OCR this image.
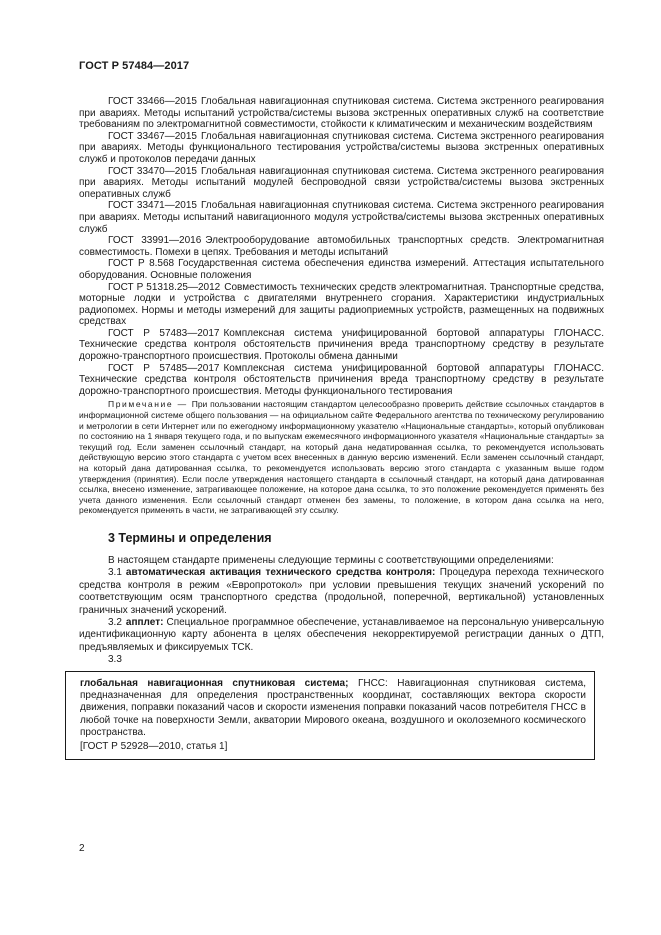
ГОСТ Р 57484—2017

ГОСТ 33466—2015 Глобальная навигационная спутниковая система. Система экстренного реагирования при авариях. Методы испытаний устройства/системы вызова экстренных оперативных служб на соответствие требованиям по электромагнитной совместимости, стойкости к климатическим и механическим воздействиям

ГОСТ 33467—2015 Глобальная навигационная спутниковая система. Система экстренного реагирования при авариях. Методы функционального тестирования устройства/системы вызова экстренных оперативных служб и протоколов передачи данных

ГОСТ 33470—2015 Глобальная навигационная спутниковая система. Система экстренного реагирования при авариях. Методы испытаний модулей беспроводной связи устройства/системы вызова экстренных оперативных служб

ГОСТ 33471—2015 Глобальная навигационная спутниковая система. Система экстренного реагирования при авариях. Методы испытаний навигационного модуля устройства/системы вызова экстренных оперативных служб

ГОСТ 33991—2016 Электрооборудование автомобильных транспортных средств. Электромагнитная совместимость. Помехи в цепях. Требования и методы испытаний

ГОСТ Р 8.568 Государственная система обеспечения единства измерений. Аттестация испытательного оборудования. Основные положения

ГОСТ Р 51318.25—2012 Совместимость технических средств электромагнитная. Транспортные средства, моторные лодки и устройства с двигателями внутреннего сгорания. Характеристики индустриальных радиопомех. Нормы и методы измерений для защиты радиоприемных устройств, размещенных на подвижных средствах

ГОСТ Р 57483—2017 Комплексная система унифицированной бортовой аппаратуры ГЛОНАСС. Технические средства контроля обстоятельств причинения вреда транспортному средству в результате дорожно-транспортного происшествия. Протоколы обмена данными

ГОСТ Р 57485—2017 Комплексная система унифицированной бортовой аппаратуры ГЛОНАСС. Технические средства контроля обстоятельств причинения вреда транспортному средству в результате дорожно-транспортного происшествия. Методы функционального тестирования

Примечание — При пользовании настоящим стандартом целесообразно проверить действие ссылочных стандартов в информационной системе общего пользования — на официальном сайте Федерального агентства по техническому регулированию и метрологии в сети Интернет или по ежегодному информационному указателю «Национальные стандарты», который опубликован по состоянию на 1 января текущего года, и по выпускам ежемесячного информационного указателя «Национальные стандарты» за текущий год. Если заменен ссылочный стандарт, на который дана недатированная ссылка, то рекомендуется использовать действующую версию этого стандарта с учетом всех внесенных в данную версию изменений. Если заменен ссылочный стандарт, на который дана датированная ссылка, то рекомендуется использовать версию этого стандарта с указанным выше годом утверждения (принятия). Если после утверждения настоящего стандарта в ссылочный стандарт, на который дана датированная ссылка, внесено изменение, затрагивающее положение, на которое дана ссылка, то это положение рекомендуется применять без учета данного изменения. Если ссылочный стандарт отменен без замены, то положение, в котором дана ссылка на него, рекомендуется применять в части, не затрагивающей эту ссылку.

3 Термины и определения

В настоящем стандарте применены следующие термины с соответствующими определениями:

3.1 автоматическая активация технического средства контроля: Процедура перехода технического средства контроля в режим «Европротокол» при условии превышения текущих значений ускорений по соответствующим осям транспортного средства (продольной, поперечной, вертикальной) установленных граничных значений ускорений.

3.2 апплет: Специальное программное обеспечение, устанавливаемое на персональную универсальную идентификационную карту абонента в целях обеспечения некорректируемой регистрации данных о ДТП, предъявляемых и фиксируемых ТСК.

3.3

глобальная навигационная спутниковая система; ГНСС: Навигационная спутниковая система, предназначенная для определения пространственных координат, составляющих вектора скорости движения, поправки показаний часов и скорости изменения поправки показаний часов потребителя ГНСС в любой точке на поверхности Земли, акватории Мирового океана, воздушного и околоземного космического пространства.

[ГОСТ Р 52928—2010, статья 1]

2
